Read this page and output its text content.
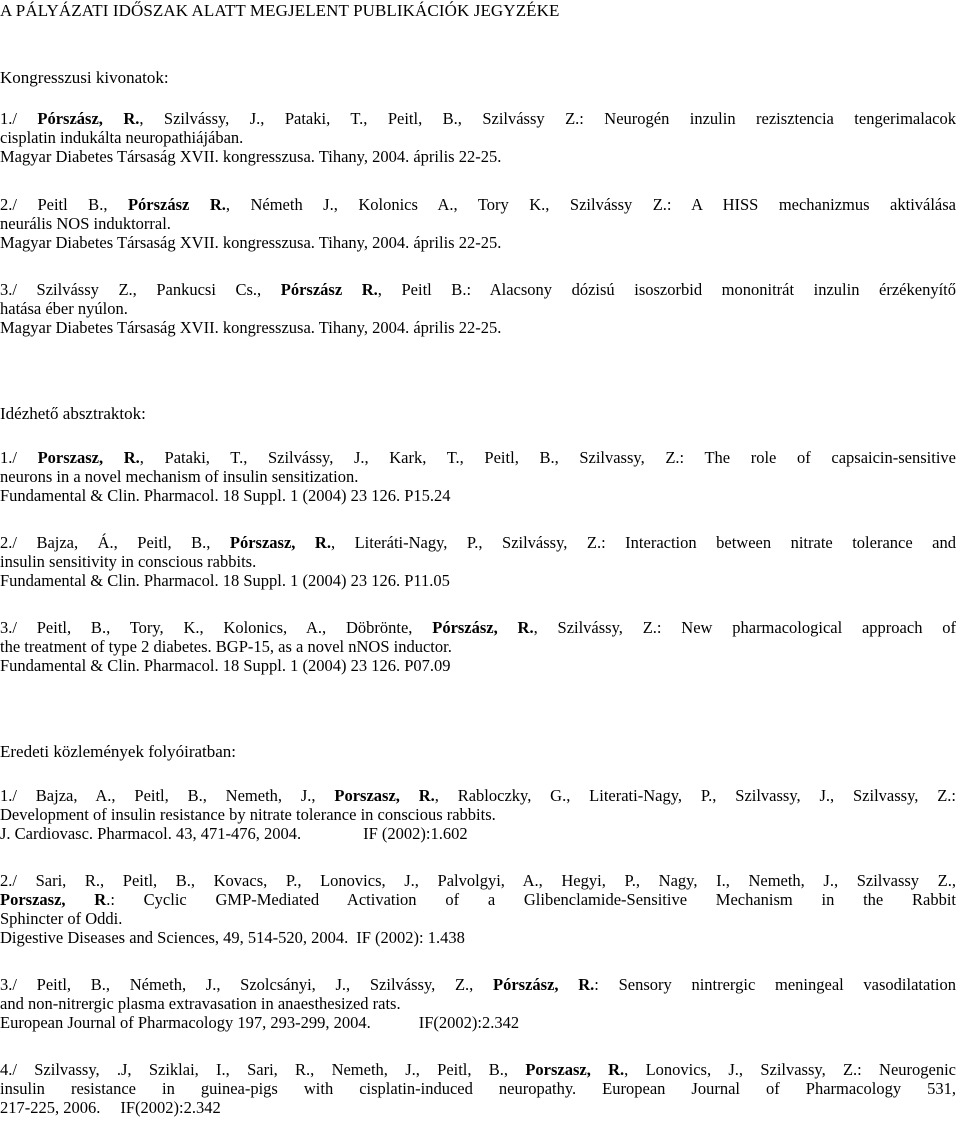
A PÁLYÁZATI IDŐSZAK ALATT MEGJELENT PUBLIKÁCIÓK JEGYZÉKE
Kongresszusi kivonatok:
1./ Pórszász, R., Szilvássy, J., Pataki, T., Peitl, B., Szilvássy Z.: Neurogén inzulin rezisztencia tengerimalacok
cisplatin indukálta neuropathiájában.
Magyar Diabetes Társaság XVII. kongresszusa. Tihany, 2004. április 22-25.
2./ Peitl B., Pórszász R., Németh J., Kolonics A., Tory K., Szilvássy Z.: A HISS mechanizmus aktiválása
neurális NOS induktorral.
Magyar Diabetes Társaság XVII. kongresszusa. Tihany, 2004. április 22-25.
3./ Szilvássy Z., Pankucsi Cs., Pórszász R., Peitl B.: Alacsony dózisú isoszorbid mononitrát inzulin érzékenyítő
hatása éber nyúlon.
Magyar Diabetes Társaság XVII. kongresszusa. Tihany, 2004. április 22-25.
Idézhető absztraktok:
1./ Porszasz, R., Pataki, T., Szilvássy, J., Kark, T., Peitl, B., Szilvassy, Z.: The role of capsaicin-sensitive
neurons in a novel mechanism of insulin sensitization.
Fundamental & Clin. Pharmacol. 18 Suppl. 1 (2004) 23 126. P15.24
2./ Bajza, Á., Peitl, B., Pórszasz, R., Literáti-Nagy, P., Szilvássy, Z.: Interaction between nitrate tolerance and
insulin sensitivity in conscious rabbits.
Fundamental & Clin. Pharmacol. 18 Suppl. 1 (2004) 23 126. P11.05
3./ Peitl, B., Tory, K., Kolonics, A., Döbrönte, Pórszász, R., Szilvássy, Z.: New pharmacological approach of
the treatment of type 2 diabetes. BGP-15, as a novel nNOS inductor.
Fundamental & Clin. Pharmacol. 18 Suppl. 1 (2004) 23 126. P07.09
Eredeti közlemények folyóiratban:
1./ Bajza, A., Peitl, B., Nemeth, J., Porszasz, R., Rabloczky, G., Literati-Nagy, P., Szilvassy, J., Szilvassy, Z.:
Development of insulin resistance by nitrate tolerance in conscious rabbits.
J. Cardiovasc. Pharmacol. 43, 471-476, 2004.	IF (2002):1.602
2./ Sari, R., Peitl, B., Kovacs, P., Lonovics, J., Palvolgyi, A., Hegyi, P., Nagy, I., Nemeth, J., Szilvassy Z.,
Porszasz, R.: Cyclic GMP-Mediated Activation of a Glibenclamide-Sensitive Mechanism in the Rabbit
Sphincter of Oddi.
Digestive Diseases and Sciences, 49, 514-520, 2004. IF (2002): 1.438
3./ Peitl, B., Németh, J., Szolcsányi, J., Szilvássy, Z., Pórszász, R.: Sensory nintrergic meningeal vasodilatation
and non-nitrergic plasma extravasation in anaesthesized rats.
European Journal of Pharmacology 197, 293-299, 2004.	IF(2002):2.342
4./ Szilvassy, .J, Sziklai, I., Sari, R., Nemeth, J., Peitl, B., Porszasz, R., Lonovics, J., Szilvassy, Z.: Neurogenic
insulin resistance in guinea-pigs with cisplatin-induced neuropathy. European Journal of Pharmacology 531,
217-225, 2006. IF(2002):2.342
